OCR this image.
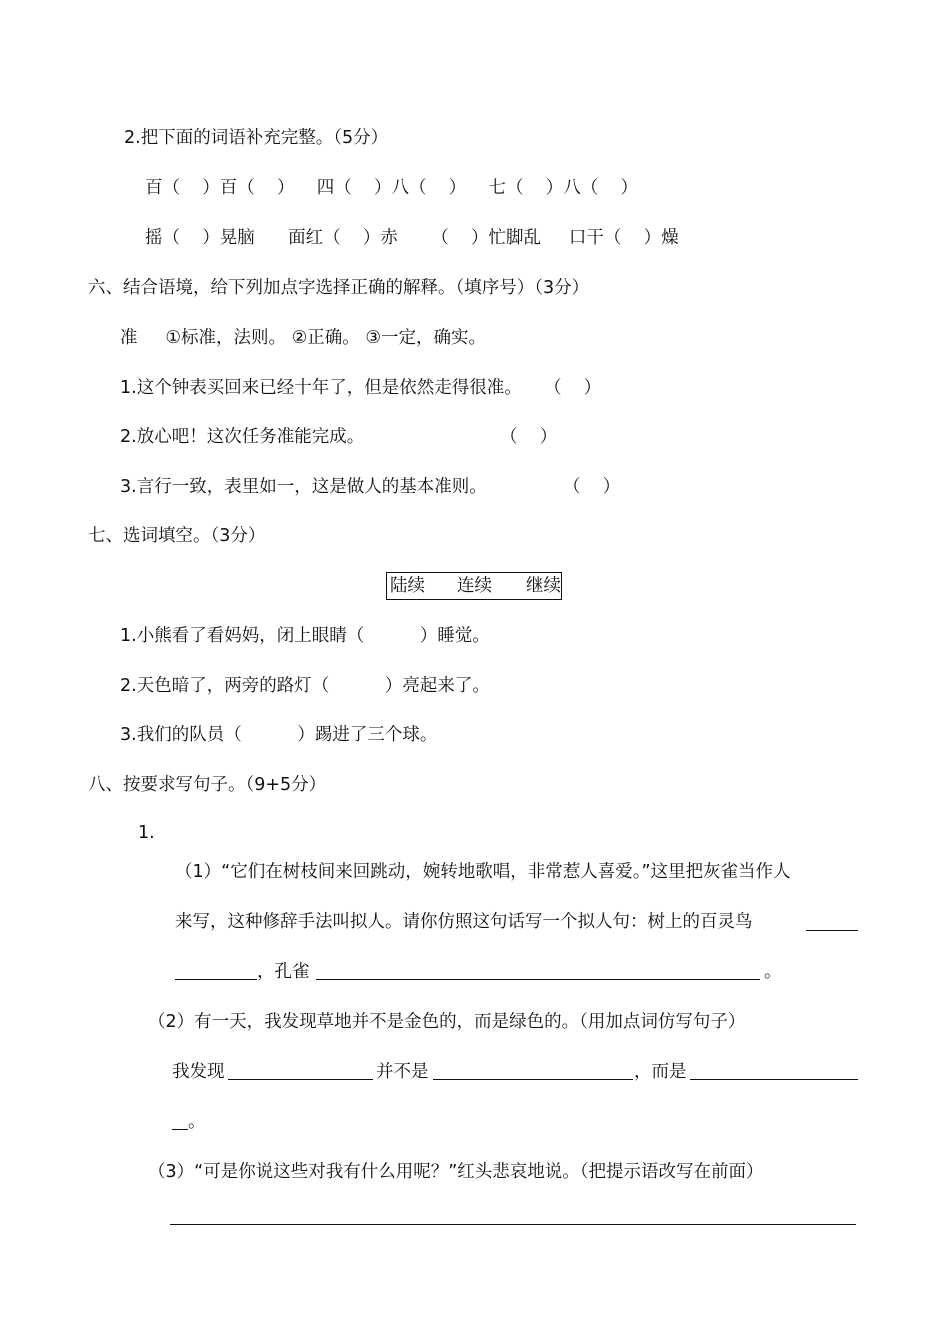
2.把下面的词语补充完整。（5分）

百（    ）百（    ）    四（    ）八（    ）    七（    ）八（    ）

摇（    ）晃脑      面红（    ）赤      （    ）忙脚乱     口干（    ）燥

六、结合语境，给下列加点字选择正确的解释。（填序号）（3分）

准     ①标准，法则。 ②正确。 ③一定，确实。

1.这个钟表买回来已经十年了，但是依然走得很准。    （    ）

2.放心吧！这次任务准能完成。	（    ）

3.言行一致，表里如一，这是做人的基本准则。	（    ）

七、选词填空。（3分）

陆续 连续 继续

1.小熊看了看妈妈，闭上眼睛（          ）睡觉。

2.天色暗了，两旁的路灯（          ）亮起来了。

3.我们的队员（          ）踢进了三个球。

八、按要求写句子。（9+5分）

1.

（1）“它们在树枝间来回跳动，婉转地歌唱，非常惹人喜爱。”这里把灰雀当作人

来写，这种修辞手法叫拟人。请你仿照这句话写一个拟人句：树上的百灵鸟

，孔雀	。

（2）有一天，我发现草地并不是金色的，而是绿色的。（用加点词仿写句子）

我发现	并不是	，而是

。

（3）“可是你说这些对我有什么用呢？”红头悲哀地说。（把提示语改写在前面）
